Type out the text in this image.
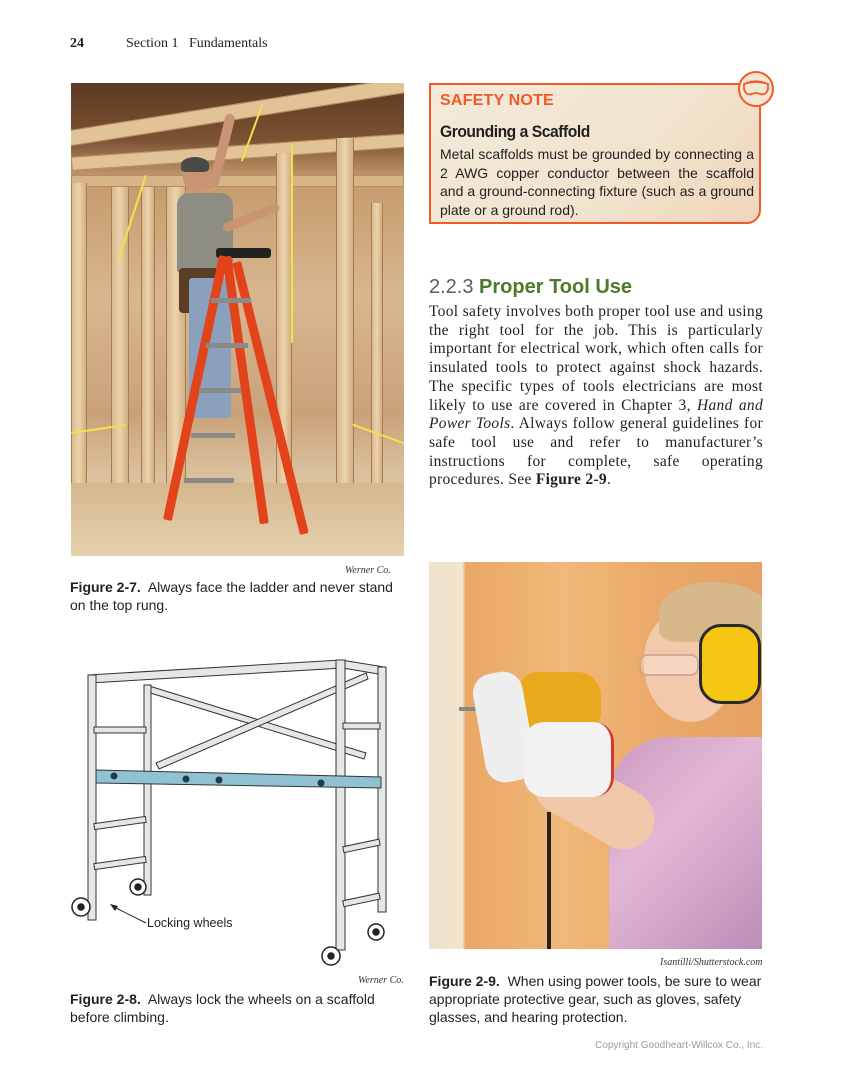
24	Section 1   Fundamentals
Werner Co.
Figure 2-7. Always face the ladder and never stand on the top rung.
SAFETY NOTE
Grounding a Scaffold
Metal scaffolds must be grounded by connecting a 2 AWG copper conductor between the scaffold and a ground-connecting fixture (such as a ground plate or a ground rod).
2.2.3 Proper Tool Use
Tool safety involves both proper tool use and using the right tool for the job. This is particularly important for electrical work, which often calls for insulated tools to protect against shock hazards. The specific types of tools electricians are most likely to use are covered in Chapter 3, Hand and Power Tools. Always follow general guidelines for safe tool use and refer to manufacturer’s instructions for complete, safe operating procedures. See Figure 2-9.
Locking wheels
Werner Co.
Figure 2-8. Always lock the wheels on a scaffold before climbing.
Isantilli/Shutterstock.com
Figure 2-9. When using power tools, be sure to wear appropriate protective gear, such as gloves, safety glasses, and hearing protection.
Copyright Goodheart-Willcox Co., Inc.
